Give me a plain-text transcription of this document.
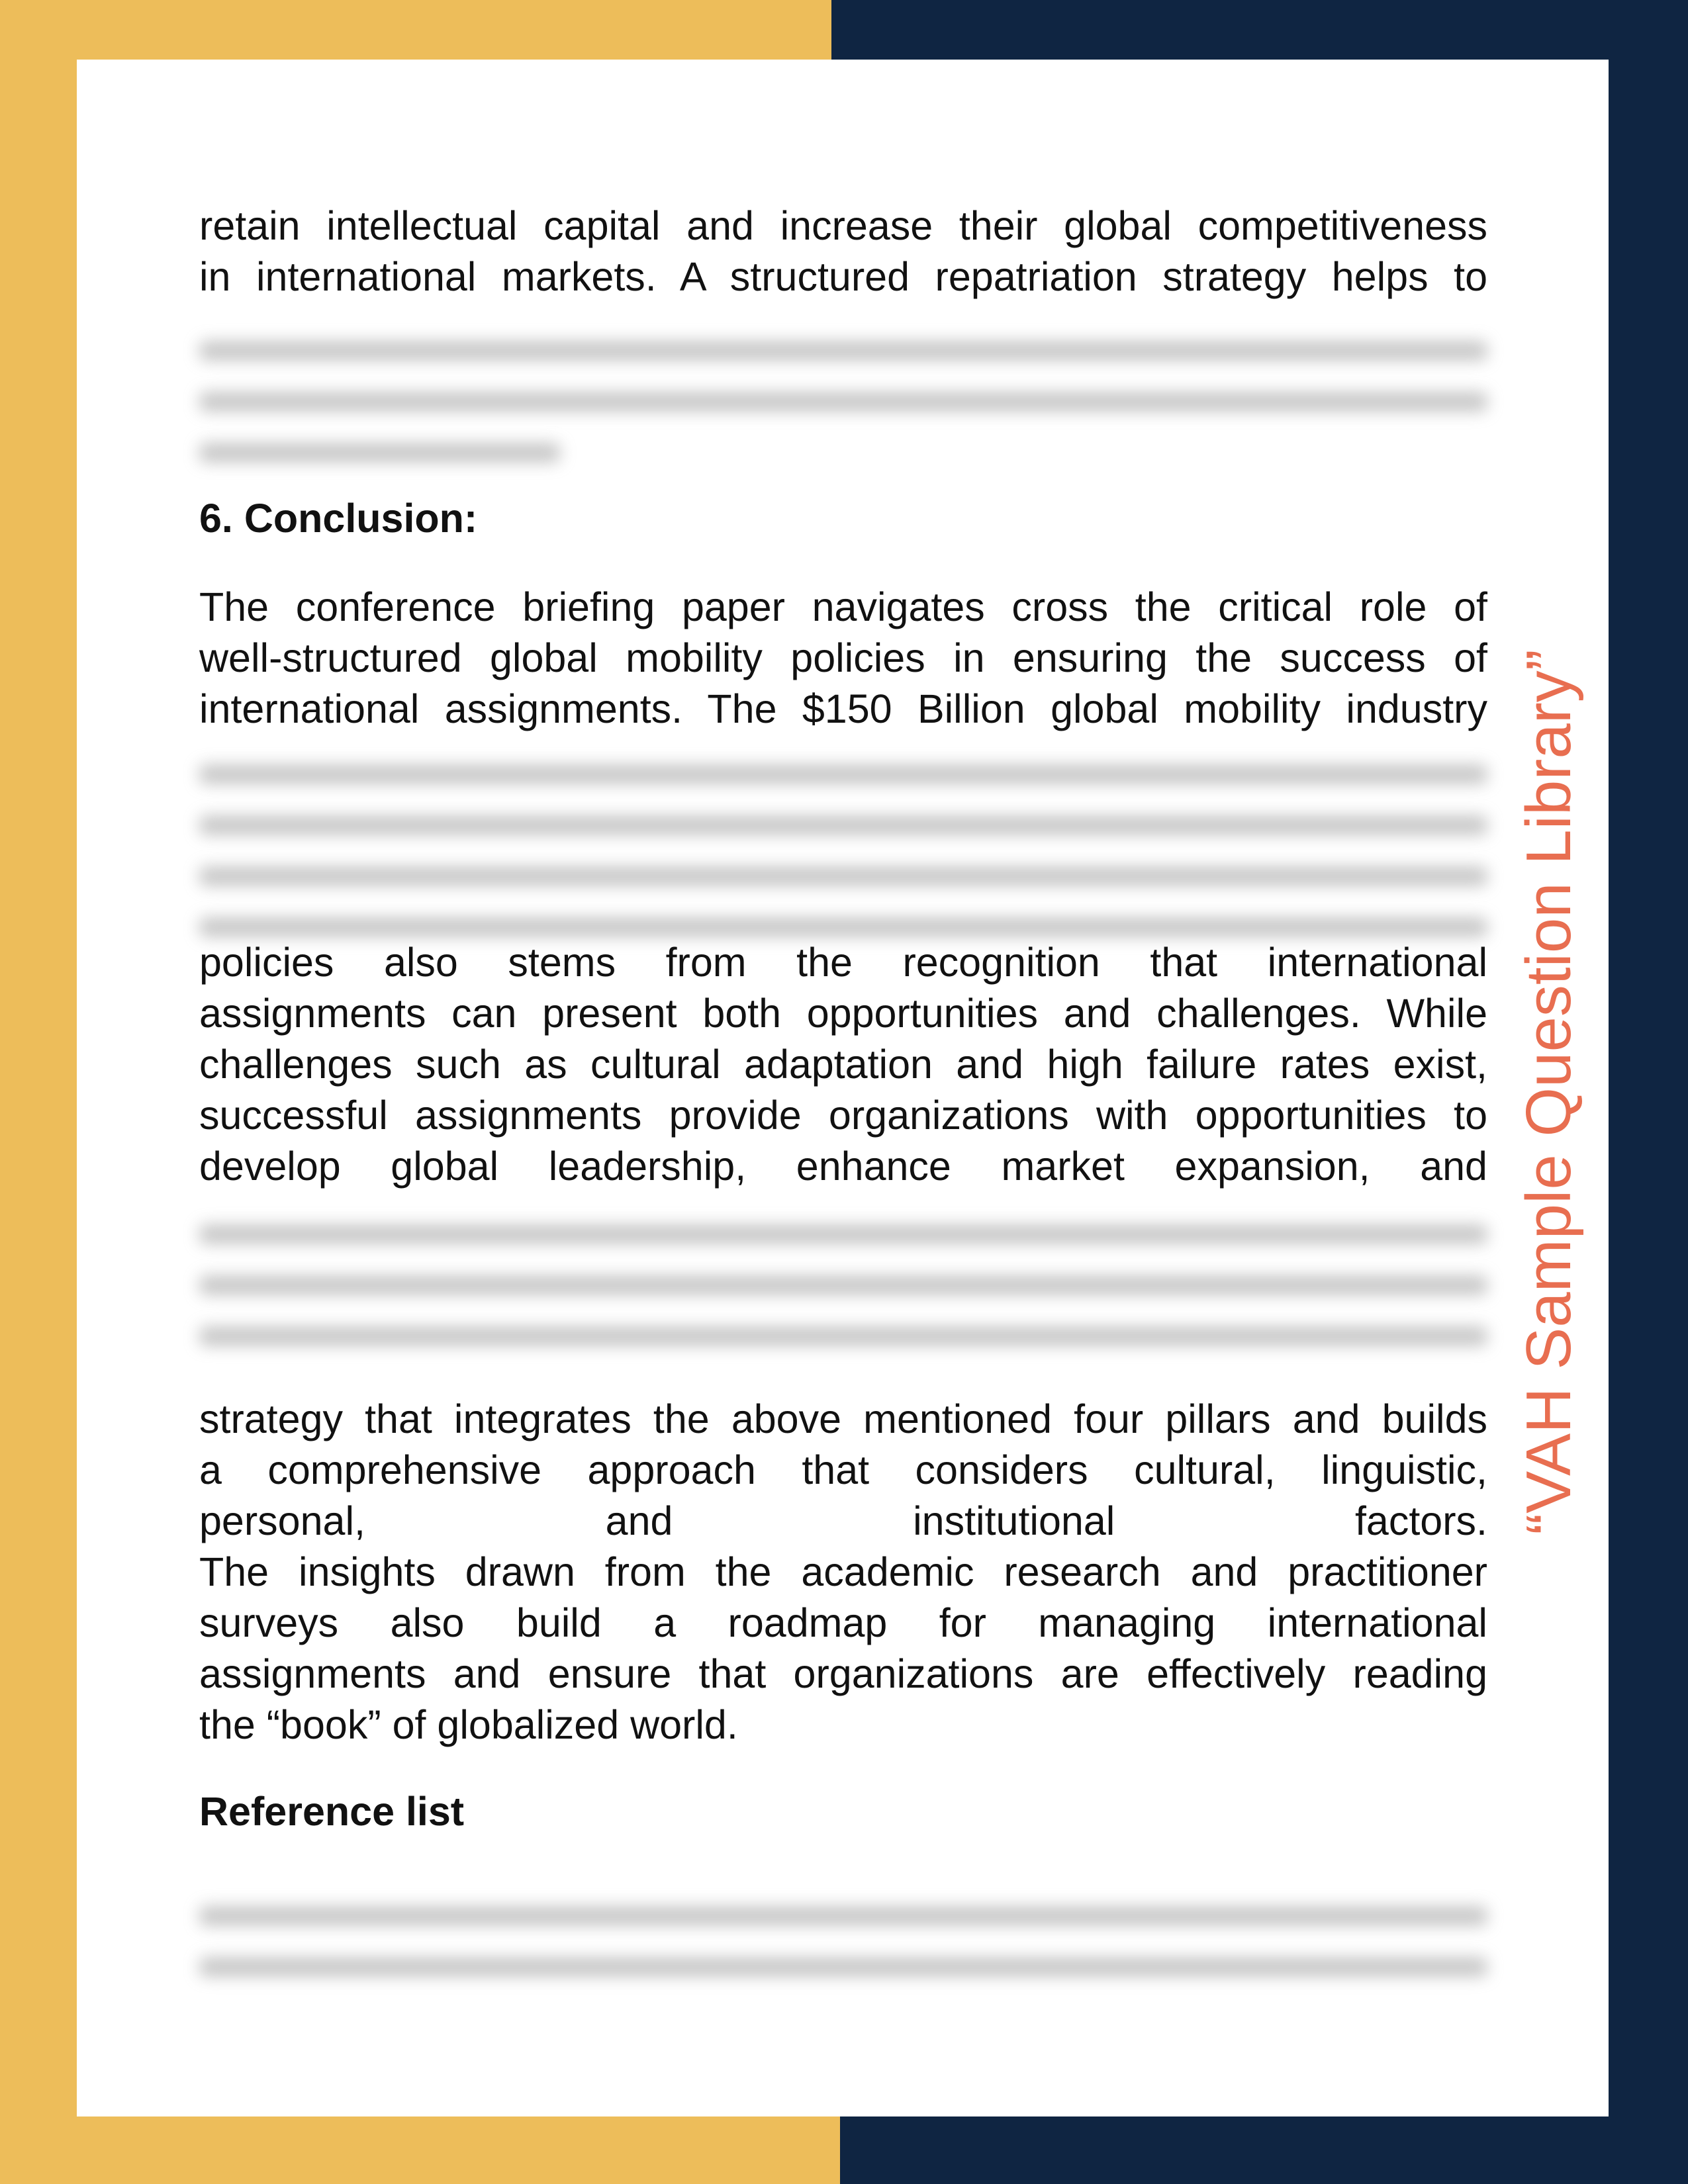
retain intellectual capital and increase their global competitiveness
in international markets. A structured repatriation strategy helps to
6. Conclusion:
The conference briefing paper navigates cross the critical role of
well-structured global mobility policies in ensuring the success of
international assignments. The $150 Billion global mobility industry
policies also stems from the recognition that international
assignments can present both opportunities and challenges. While
challenges such as cultural adaptation and high failure rates exist,
successful assignments provide organizations with opportunities to
develop global leadership, enhance market expansion, and
strategy that integrates the above mentioned four pillars and builds
a comprehensive approach that considers cultural, linguistic,
personal, and institutional factors.
The insights drawn from the academic research and practitioner
surveys also build a roadmap for managing international
assignments and ensure that organizations are effectively reading
the “book” of globalized world.
Reference list
“VAH Sample Question Library”
